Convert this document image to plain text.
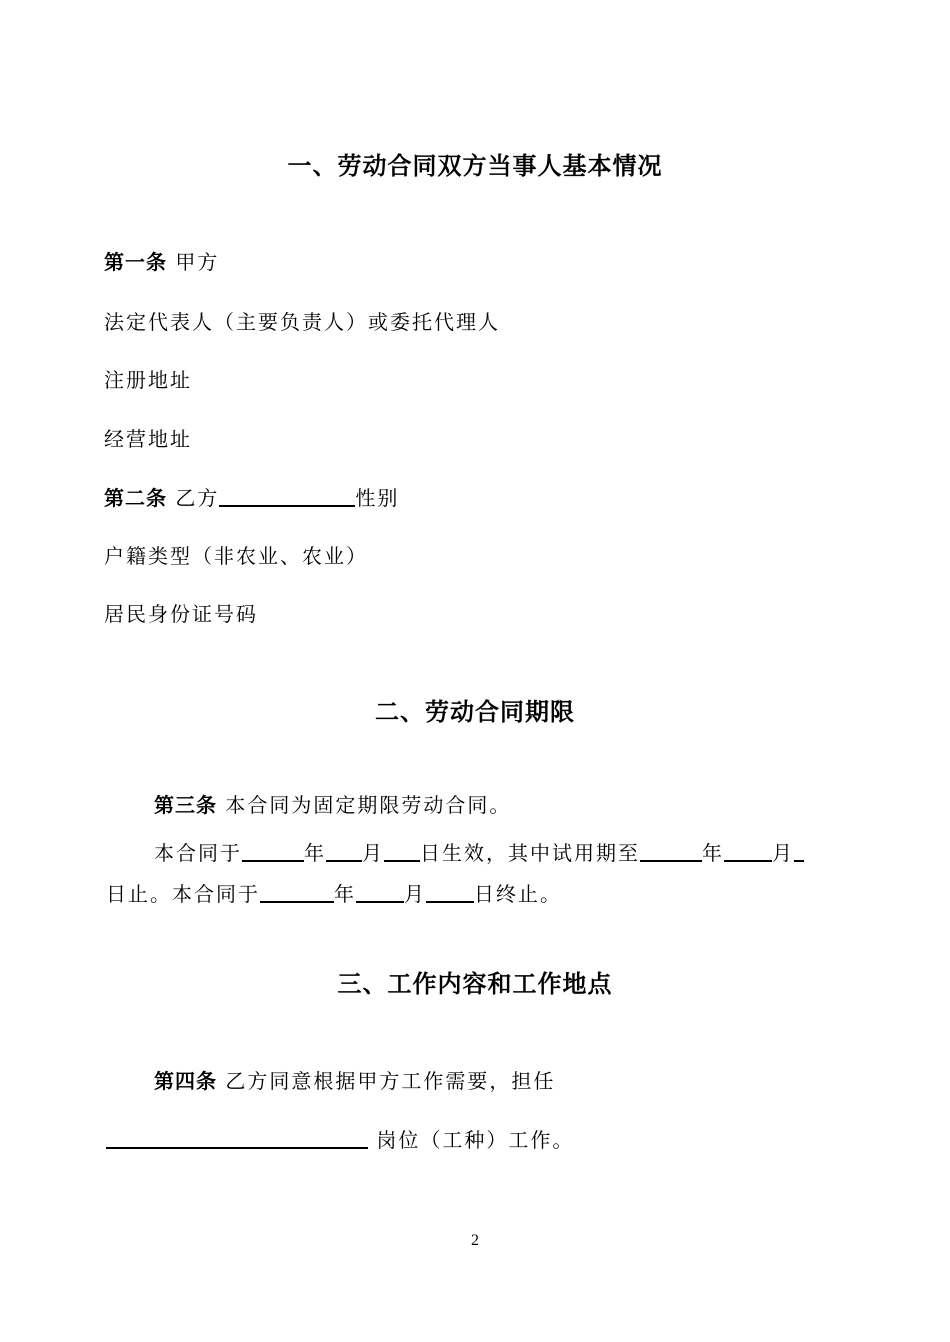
一、劳动合同双方当事人基本情况
第一条 甲方
法定代表人（主要负责人）或委托代理人
注册地址
经营地址
第二条 乙方	性别
户籍类型（非农业、农业）
居民身份证号码
二、劳动合同期限
第三条 本合同为固定期限劳动合同。
本合同于	年 月 日生效，其中试用期至	年 月
日止。本合同于	年 月 日终止。
三、工作内容和工作地点
第四条 乙方同意根据甲方工作需要，担任
岗位（工种）工作。
2
